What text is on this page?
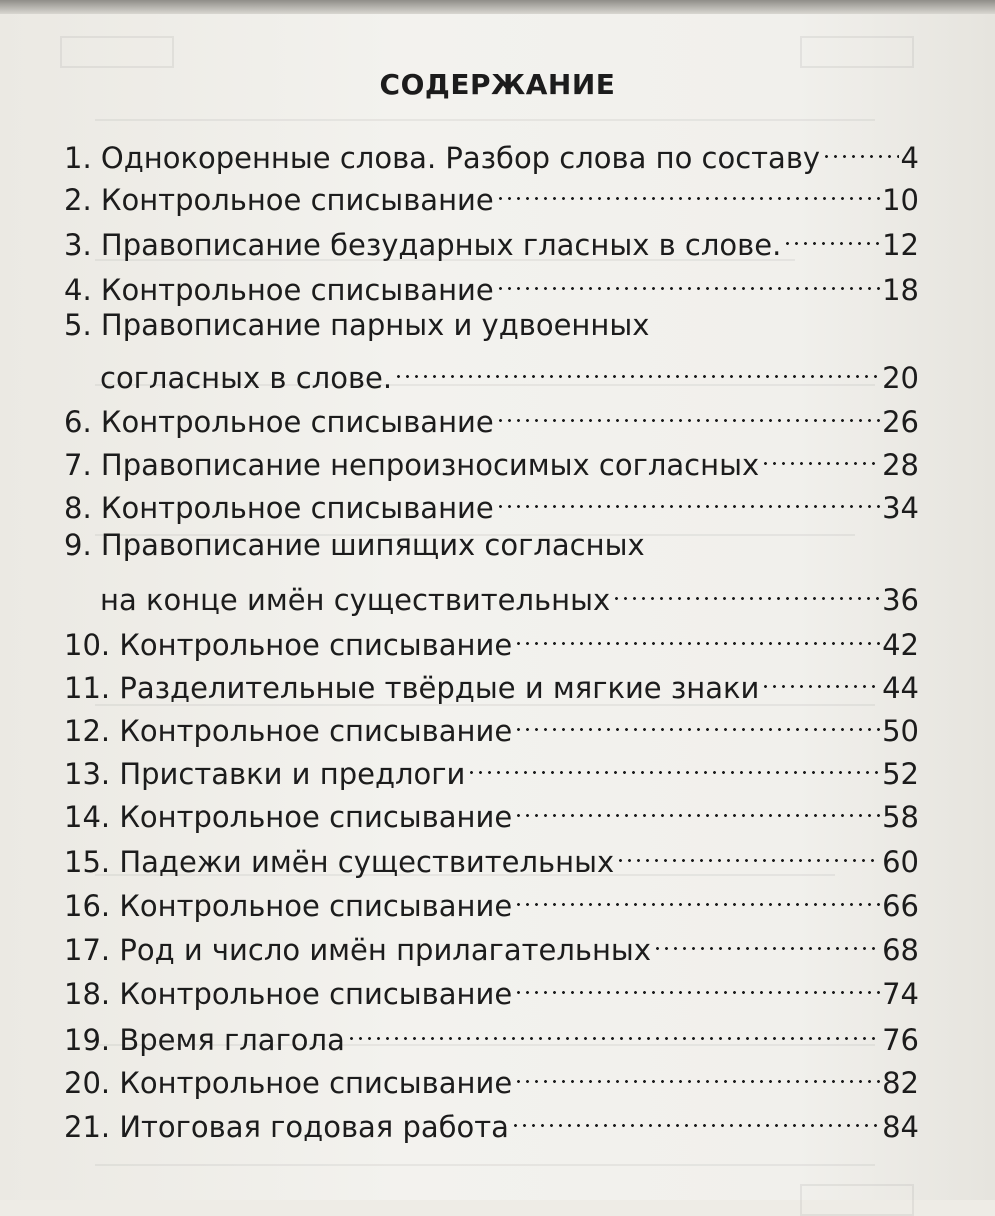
СОДЕРЖАНИЕ
1. Однокоренные слова. Разбор слова по составу	4
2. Контрольное списывание	10
3. Правописание безударных гласных в слове.	12
4. Контрольное списывание	18
5. Правописание парных и удвоенных
согласных в слове.	20
6. Контрольное списывание	26
7. Правописание непроизносимых согласных	28
8. Контрольное списывание	34
9. Правописание шипящих согласных
на конце имён существительных	36
10. Контрольное списывание	42
11. Разделительные твёрдые и мягкие знаки	44
12. Контрольное списывание	50
13. Приставки и предлоги	52
14. Контрольное списывание	58
15. Падежи имён существительных	60
16. Контрольное списывание	66
17. Род и число имён прилагательных	68
18. Контрольное списывание	74
19. Время глагола	76
20. Контрольное списывание	82
21. Итоговая годовая работа	84
